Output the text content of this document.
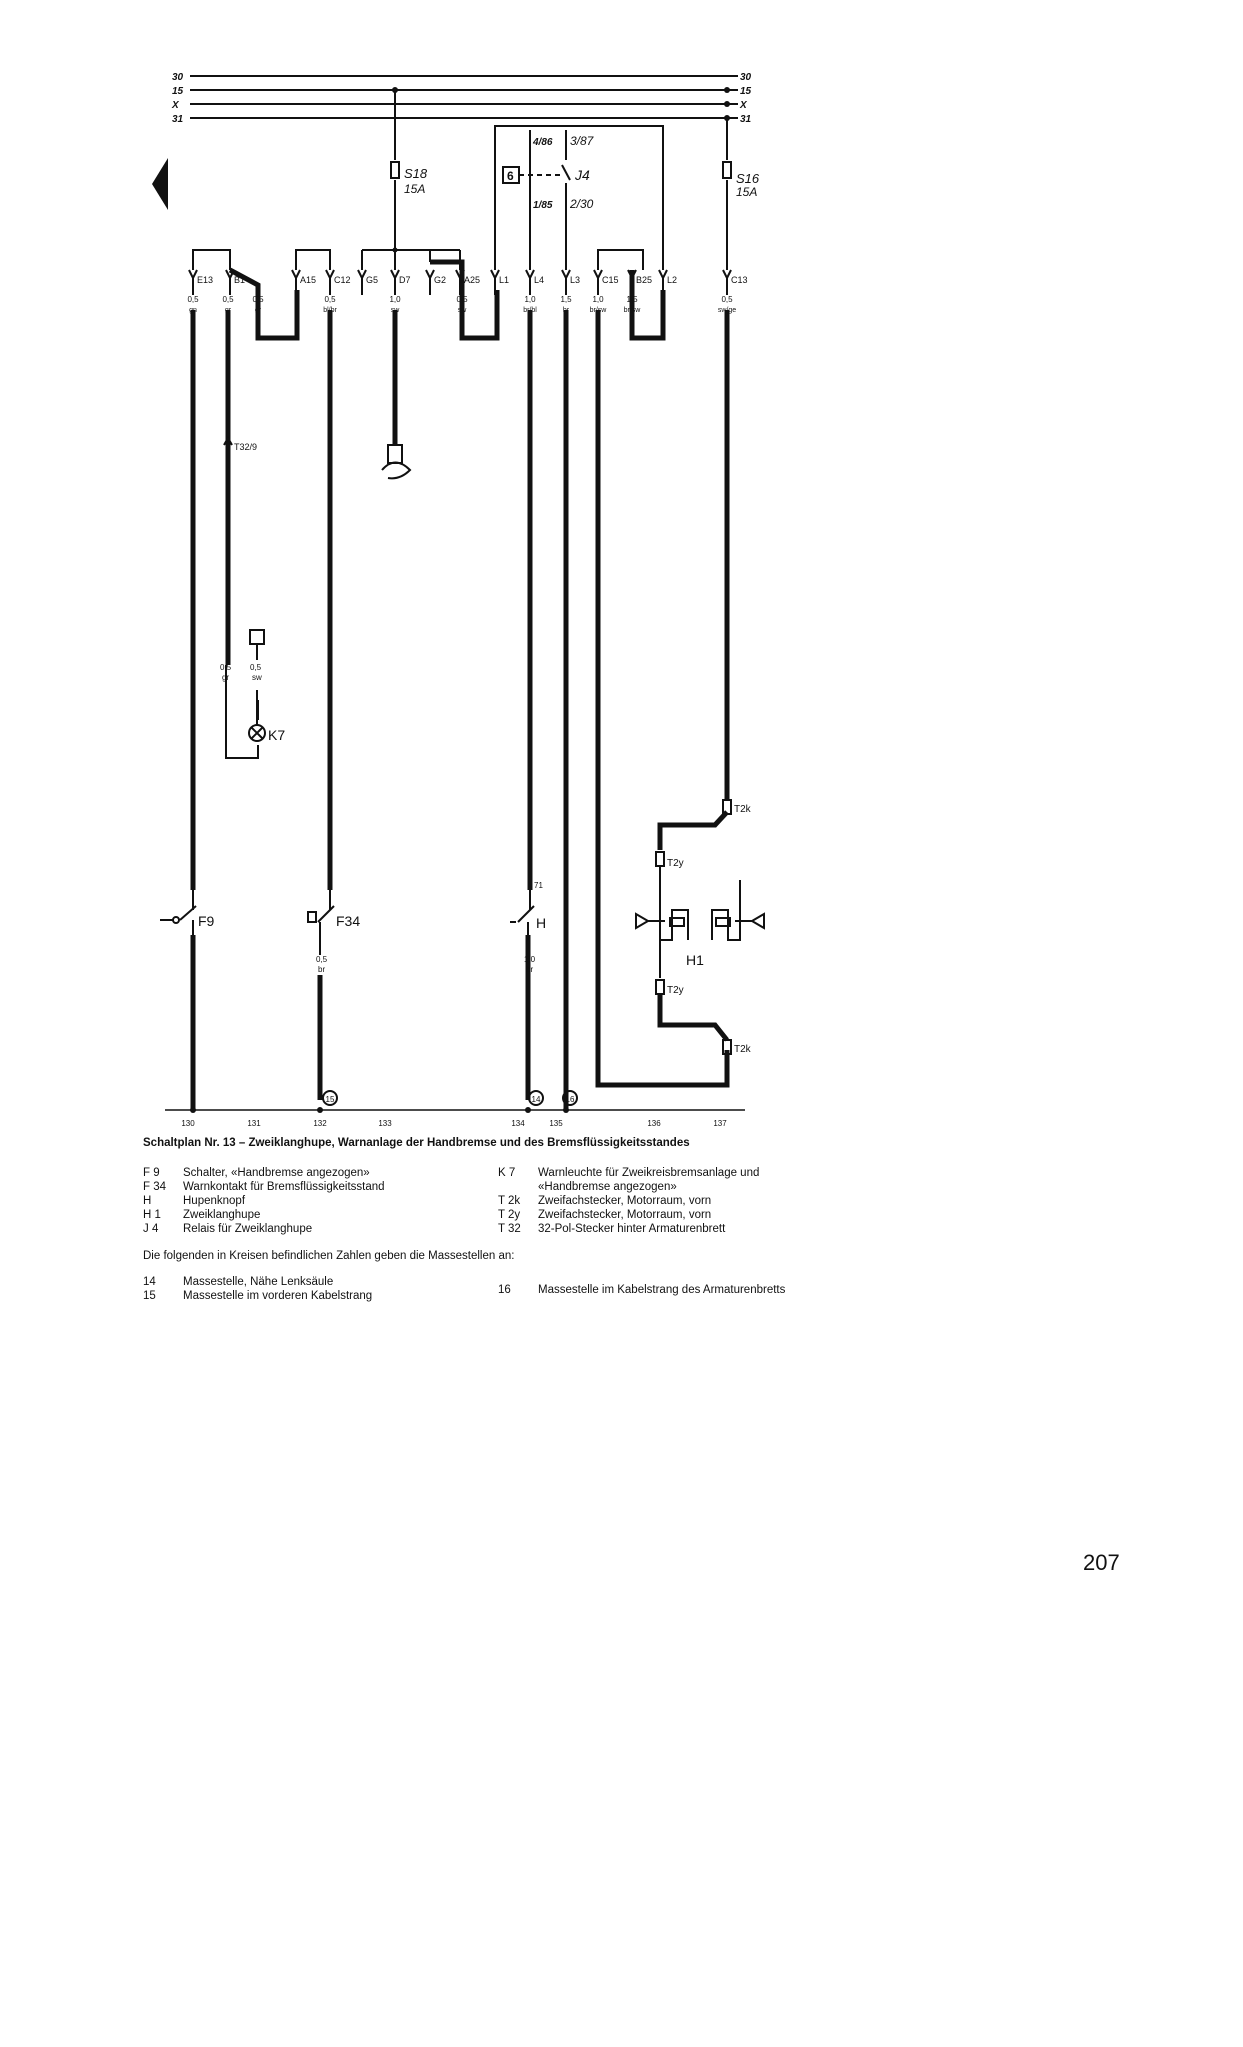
30
15
X
31
30
15
X
31
S18
15A
S16
15A
6	J4
4/86 3/87
1/85 2/30
E13 B1	A15 C12 G5 D7	G2 A25 L1	L4	L3 C15 B25 L2	C13
0,5
gn
0,5
gr
0,5
gr
0,5
bl/br
1,0
sw
0,5
sw
1,0
br/bl
1,5
br
1,0
br/sw
1,5
br/sw
0,5
sw/ge
T2k
T2y
H1
T2y
T2k
T32/9
K7
0,5
gr
0,5
sw
F9	F34
0,5
br
71
H
1,0
br
15	14	16
130	131	132	133	134	135	136	137
Schaltplan Nr. 13 – Zweiklanghupe, Warnanlage der Handbremse und des Bremsflüssigkeitsstandes
F 9	Schalter, «Handbremse angezogen»
F 34	Warnkontakt für Bremsflüssigkeitsstand
H	Hupenknopf
H 1	Zweiklanghupe
J 4	Relais für Zweiklanghupe
K 7	Warnleuchte für Zweikreisbremsanlage und
«Handbremse angezogen»
T 2k	Zweifachstecker, Motorraum, vorn
T 2y	Zweifachstecker, Motorraum, vorn
T 32	32-Pol-Stecker hinter Armaturenbrett
Die folgenden in Kreisen befindlichen Zahlen geben die Massestellen an:
14	Massestelle, Nähe Lenksäule
15	Massestelle im vorderen Kabelstrang	16	Massestelle im Kabelstrang des Armaturenbretts
207
